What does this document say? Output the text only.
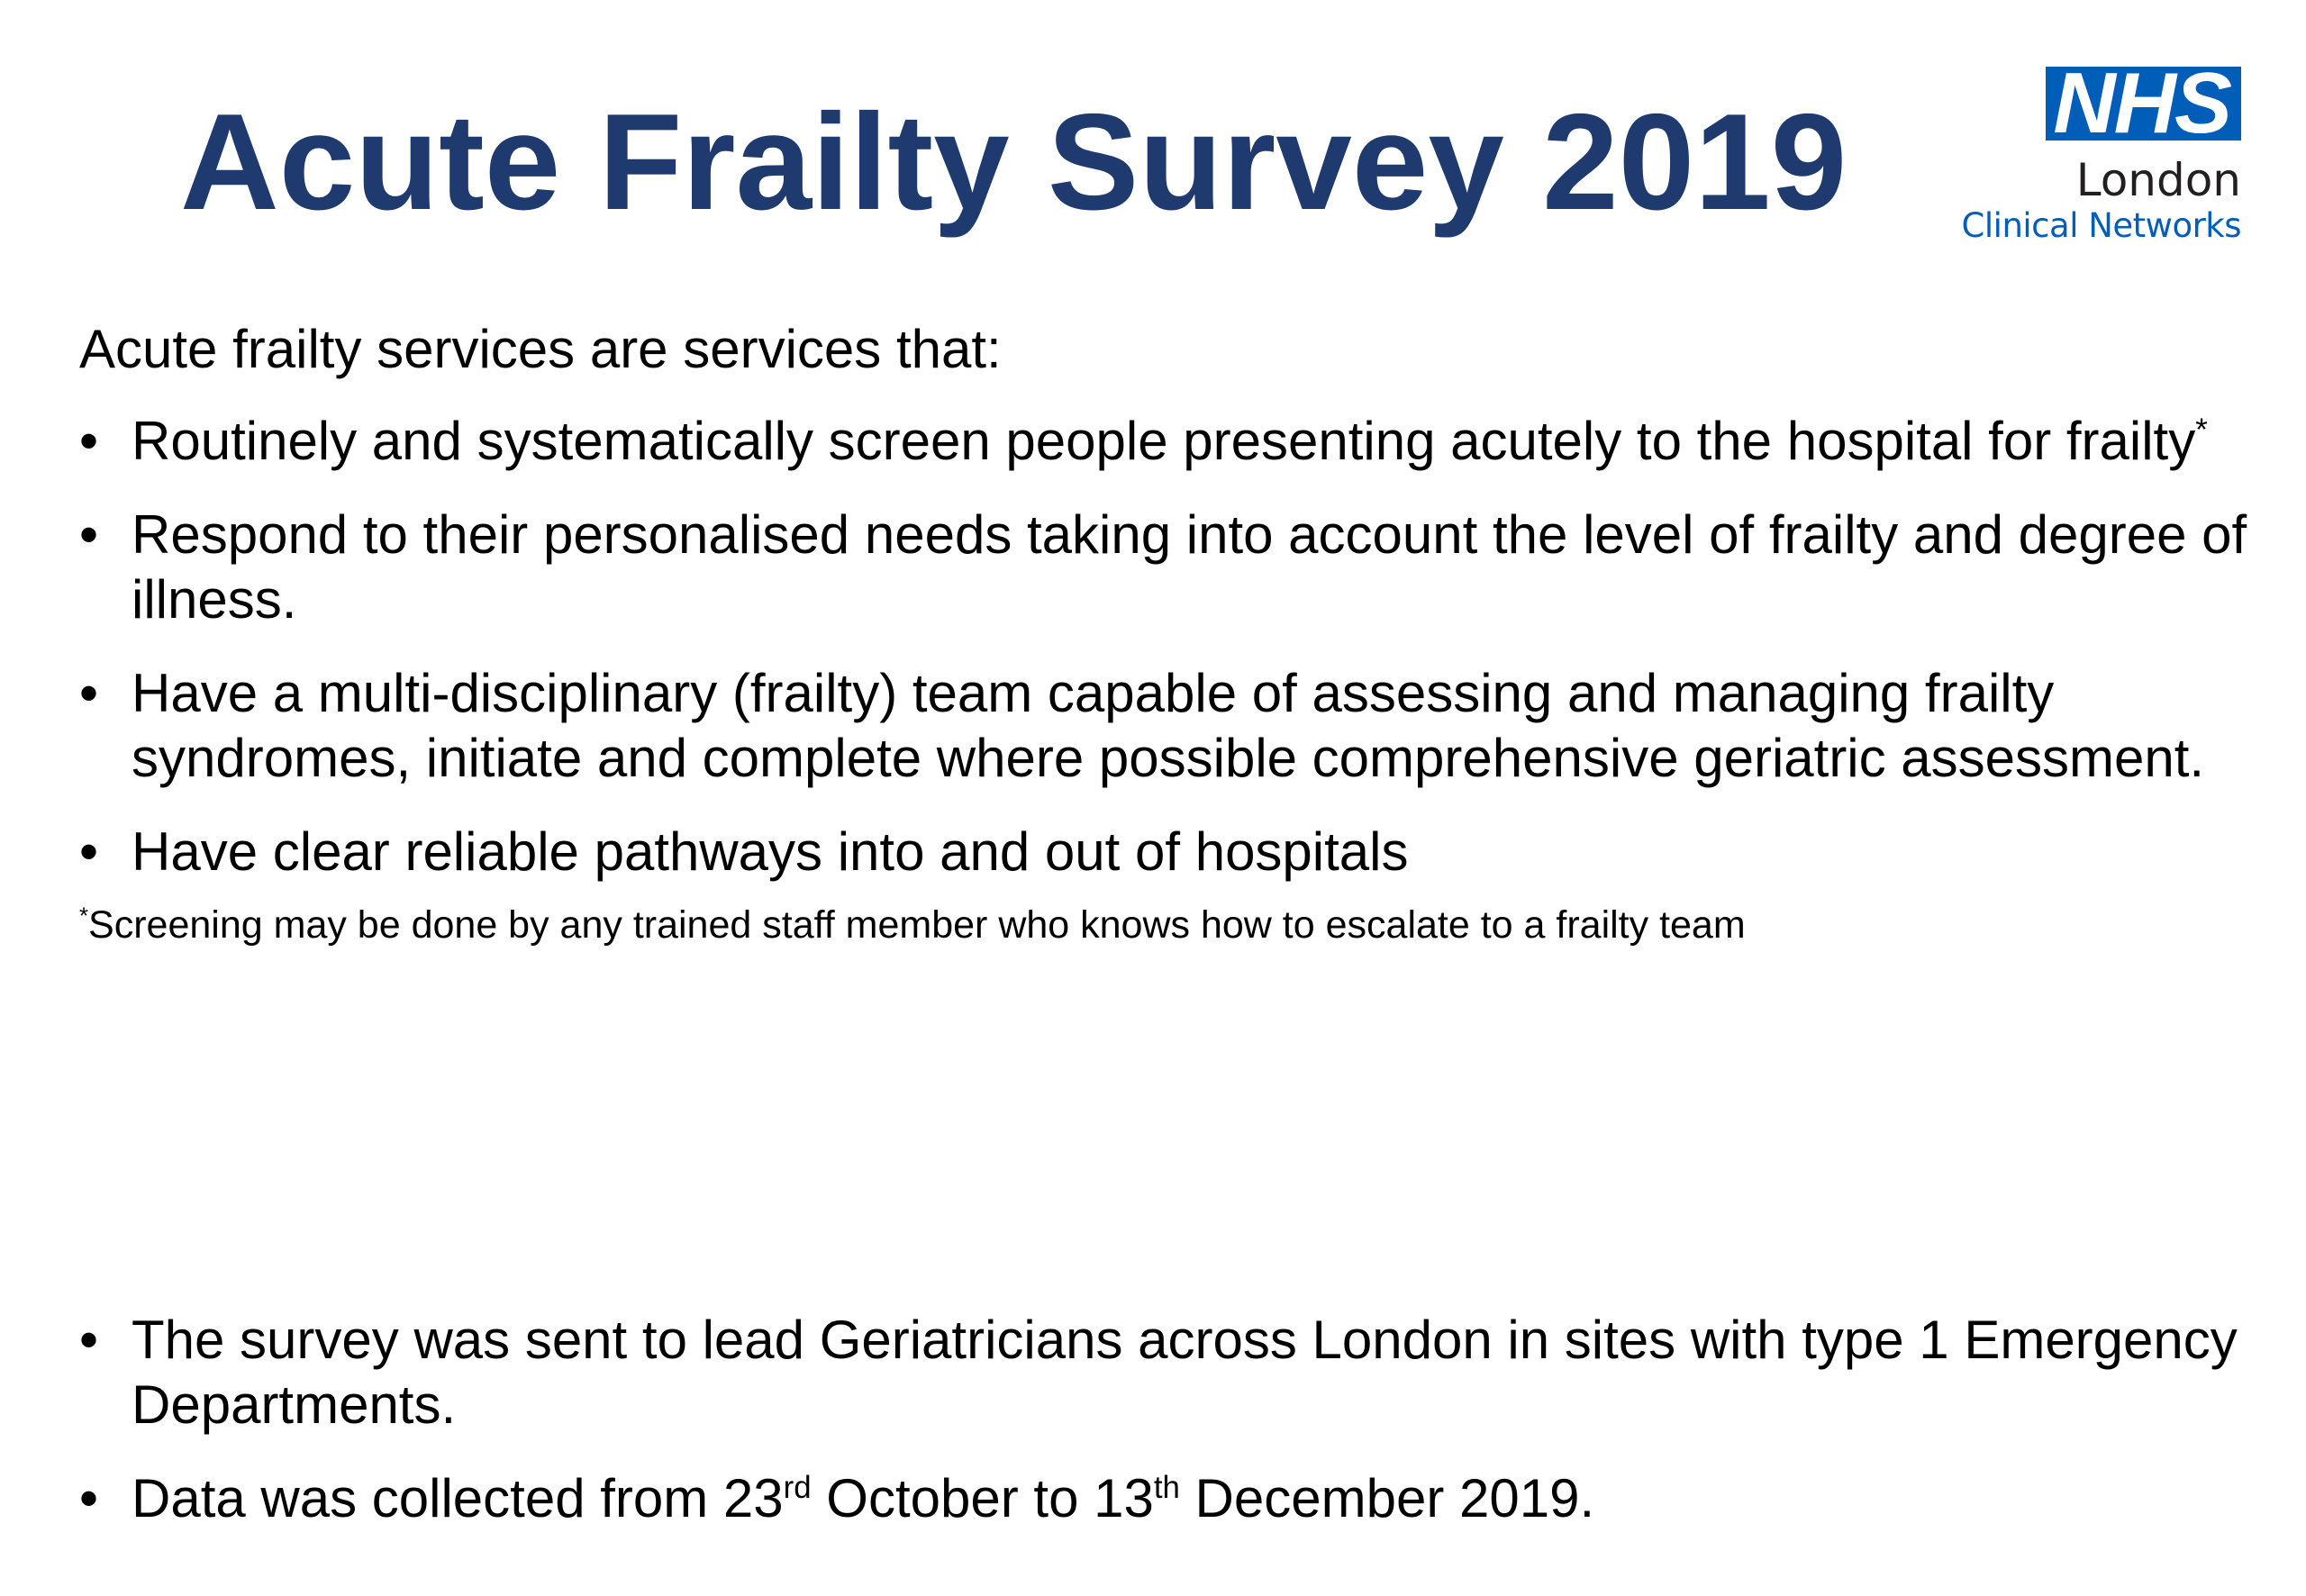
Acute Frailty Survey 2019	NHS
London
Clinical Networks

Acute frailty services are services that:

• Routinely and systematically screen people presenting acutely to the hospital for frailty*
• Respond to their personalised needs taking into account the level of frailty and degree of illness.
• Have a multi-disciplinary (frailty) team capable of assessing and managing frailty syndromes, initiate and complete where possible comprehensive geriatric assessment.
• Have clear reliable pathways into and out of hospitals

*Screening may be done by any trained staff member who knows how to escalate to a frailty team

• The survey was sent to lead Geriatricians across London in sites with type 1 Emergency Departments.
• Data was collected from 23rd October to 13th December 2019.
